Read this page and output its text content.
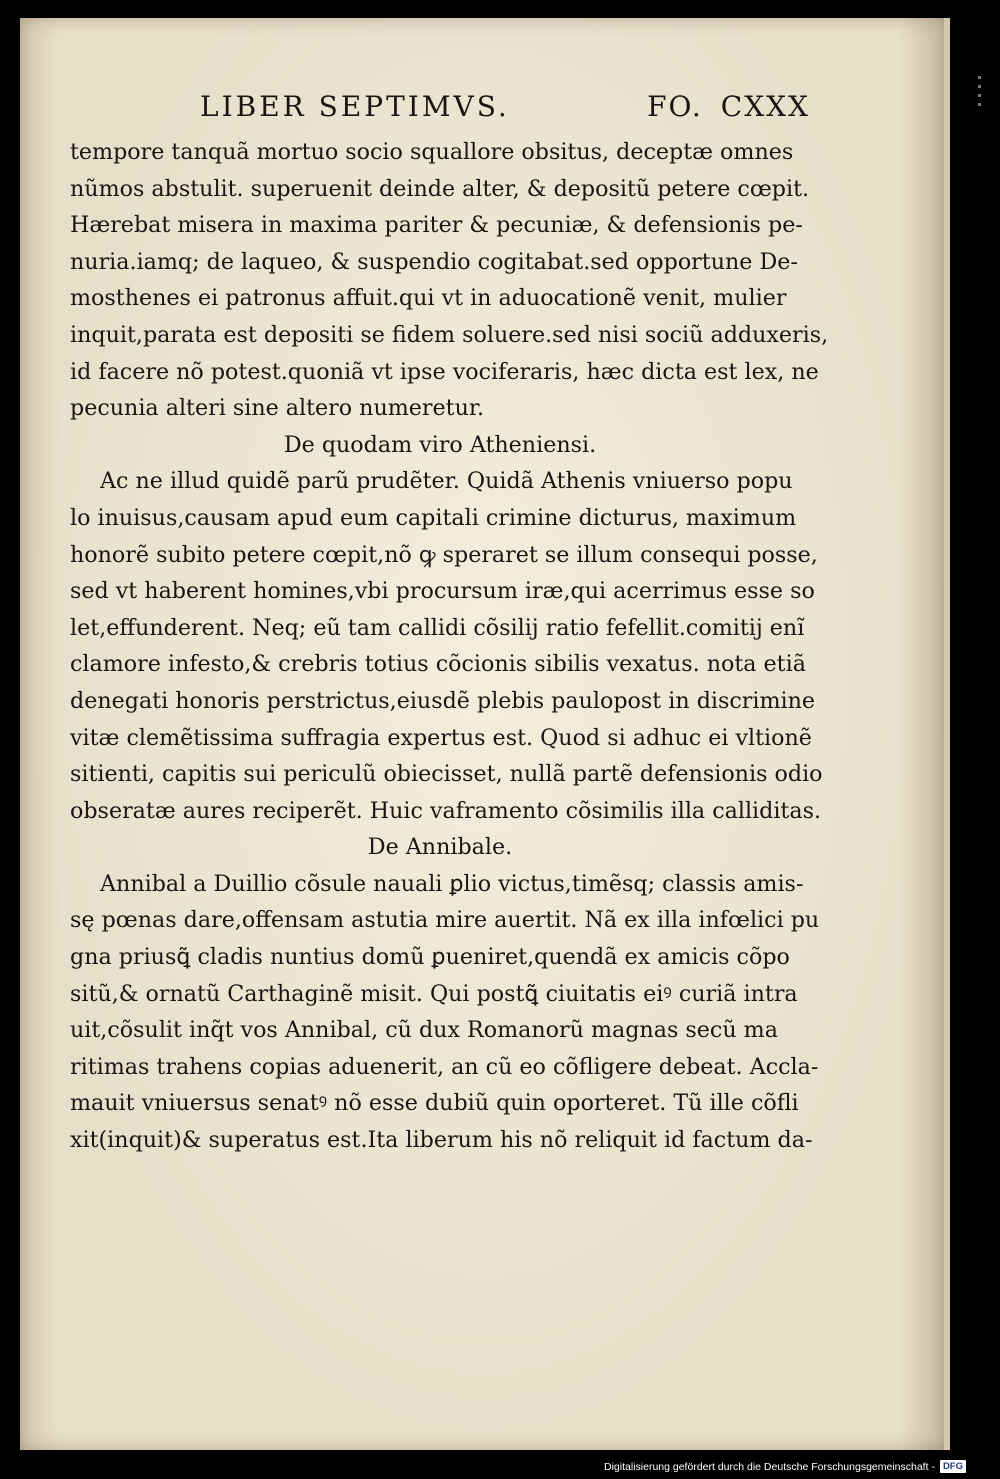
LIBER SEPTIMVS.	FO. CXXX
tempore tanquã mortuo socio squallore obsitus, deceptæ omnes
nũmos abstulit. superuenit deinde alter, & depositũ petere cœpit.
Hærebat misera in maxima pariter & pecuniæ, & defensionis pe-
nuria.iamq; de laqueo, & suspendio cogitabat.sed opportune De-
mosthenes ei patronus affuit.qui vt in aduocationẽ venit, mulier
inquit,parata est depositi se fidem soluere.sed nisi sociũ adduxeris,
id facere nõ potest.quoniã vt ipse vociferaris, hæc dicta est lex, ne
pecunia alteri sine altero numeretur.
De quodam viro Atheniensi.
Ac ne illud quidẽ parũ prudẽter. Quidã Athenis vniuerso popu
lo inuisus,causam apud eum capitali crimine dicturus, maximum
honorẽ subito petere cœpit,nõ ꝙ speraret se illum consequi posse,
sed vt haberent homines,vbi procursum iræ,qui acerrimus esse so
let,effunderent. Neq; eũ tam callidi cõsilij ratio fefellit.comitij enĩ
clamore infesto,& crebris totius cõcionis sibilis vexatus. nota etiã
denegati honoris perstrictus,eiusdẽ plebis paulopost in discrimine
vitæ clemẽtissima suffragia expertus est. Quod si adhuc ei vltionẽ
sitienti, capitis sui periculũ obiecisset, nullã partẽ defensionis odio
obseratæ aures reciperẽt. Huic vaframento cõsimilis illa calliditas.
De Annibale.
Annibal a Duillio cõsule nauali ꝑlio victus,timẽsq; classis amis-
sę pœnas dare,offensam astutia mire auertit. Nã ex illa infœlici pu
gna priusꝗ̃ cladis nuntius domũ ꝑueniret,quendã ex amicis cõpo
sitũ,& ornatũ Carthaginẽ misit. Qui postꝗ̃ ciuitatis eiꝰ curiã intra
uit,cõsulit inq̃t vos Annibal, cũ dux Romanorũ magnas secũ ma
ritimas trahens copias aduenerit, an cũ eo cõfligere debeat. Accla-
mauit vniuersus senatꝰ nõ esse dubiũ quin oporteret. Tũ ille cõfli
xit(inquit)& superatus est.Ita liberum his nõ reliquit id factum da-
Digitalisierung gefördert durch die Deutsche Forschungsgemeinschaft - DFG
